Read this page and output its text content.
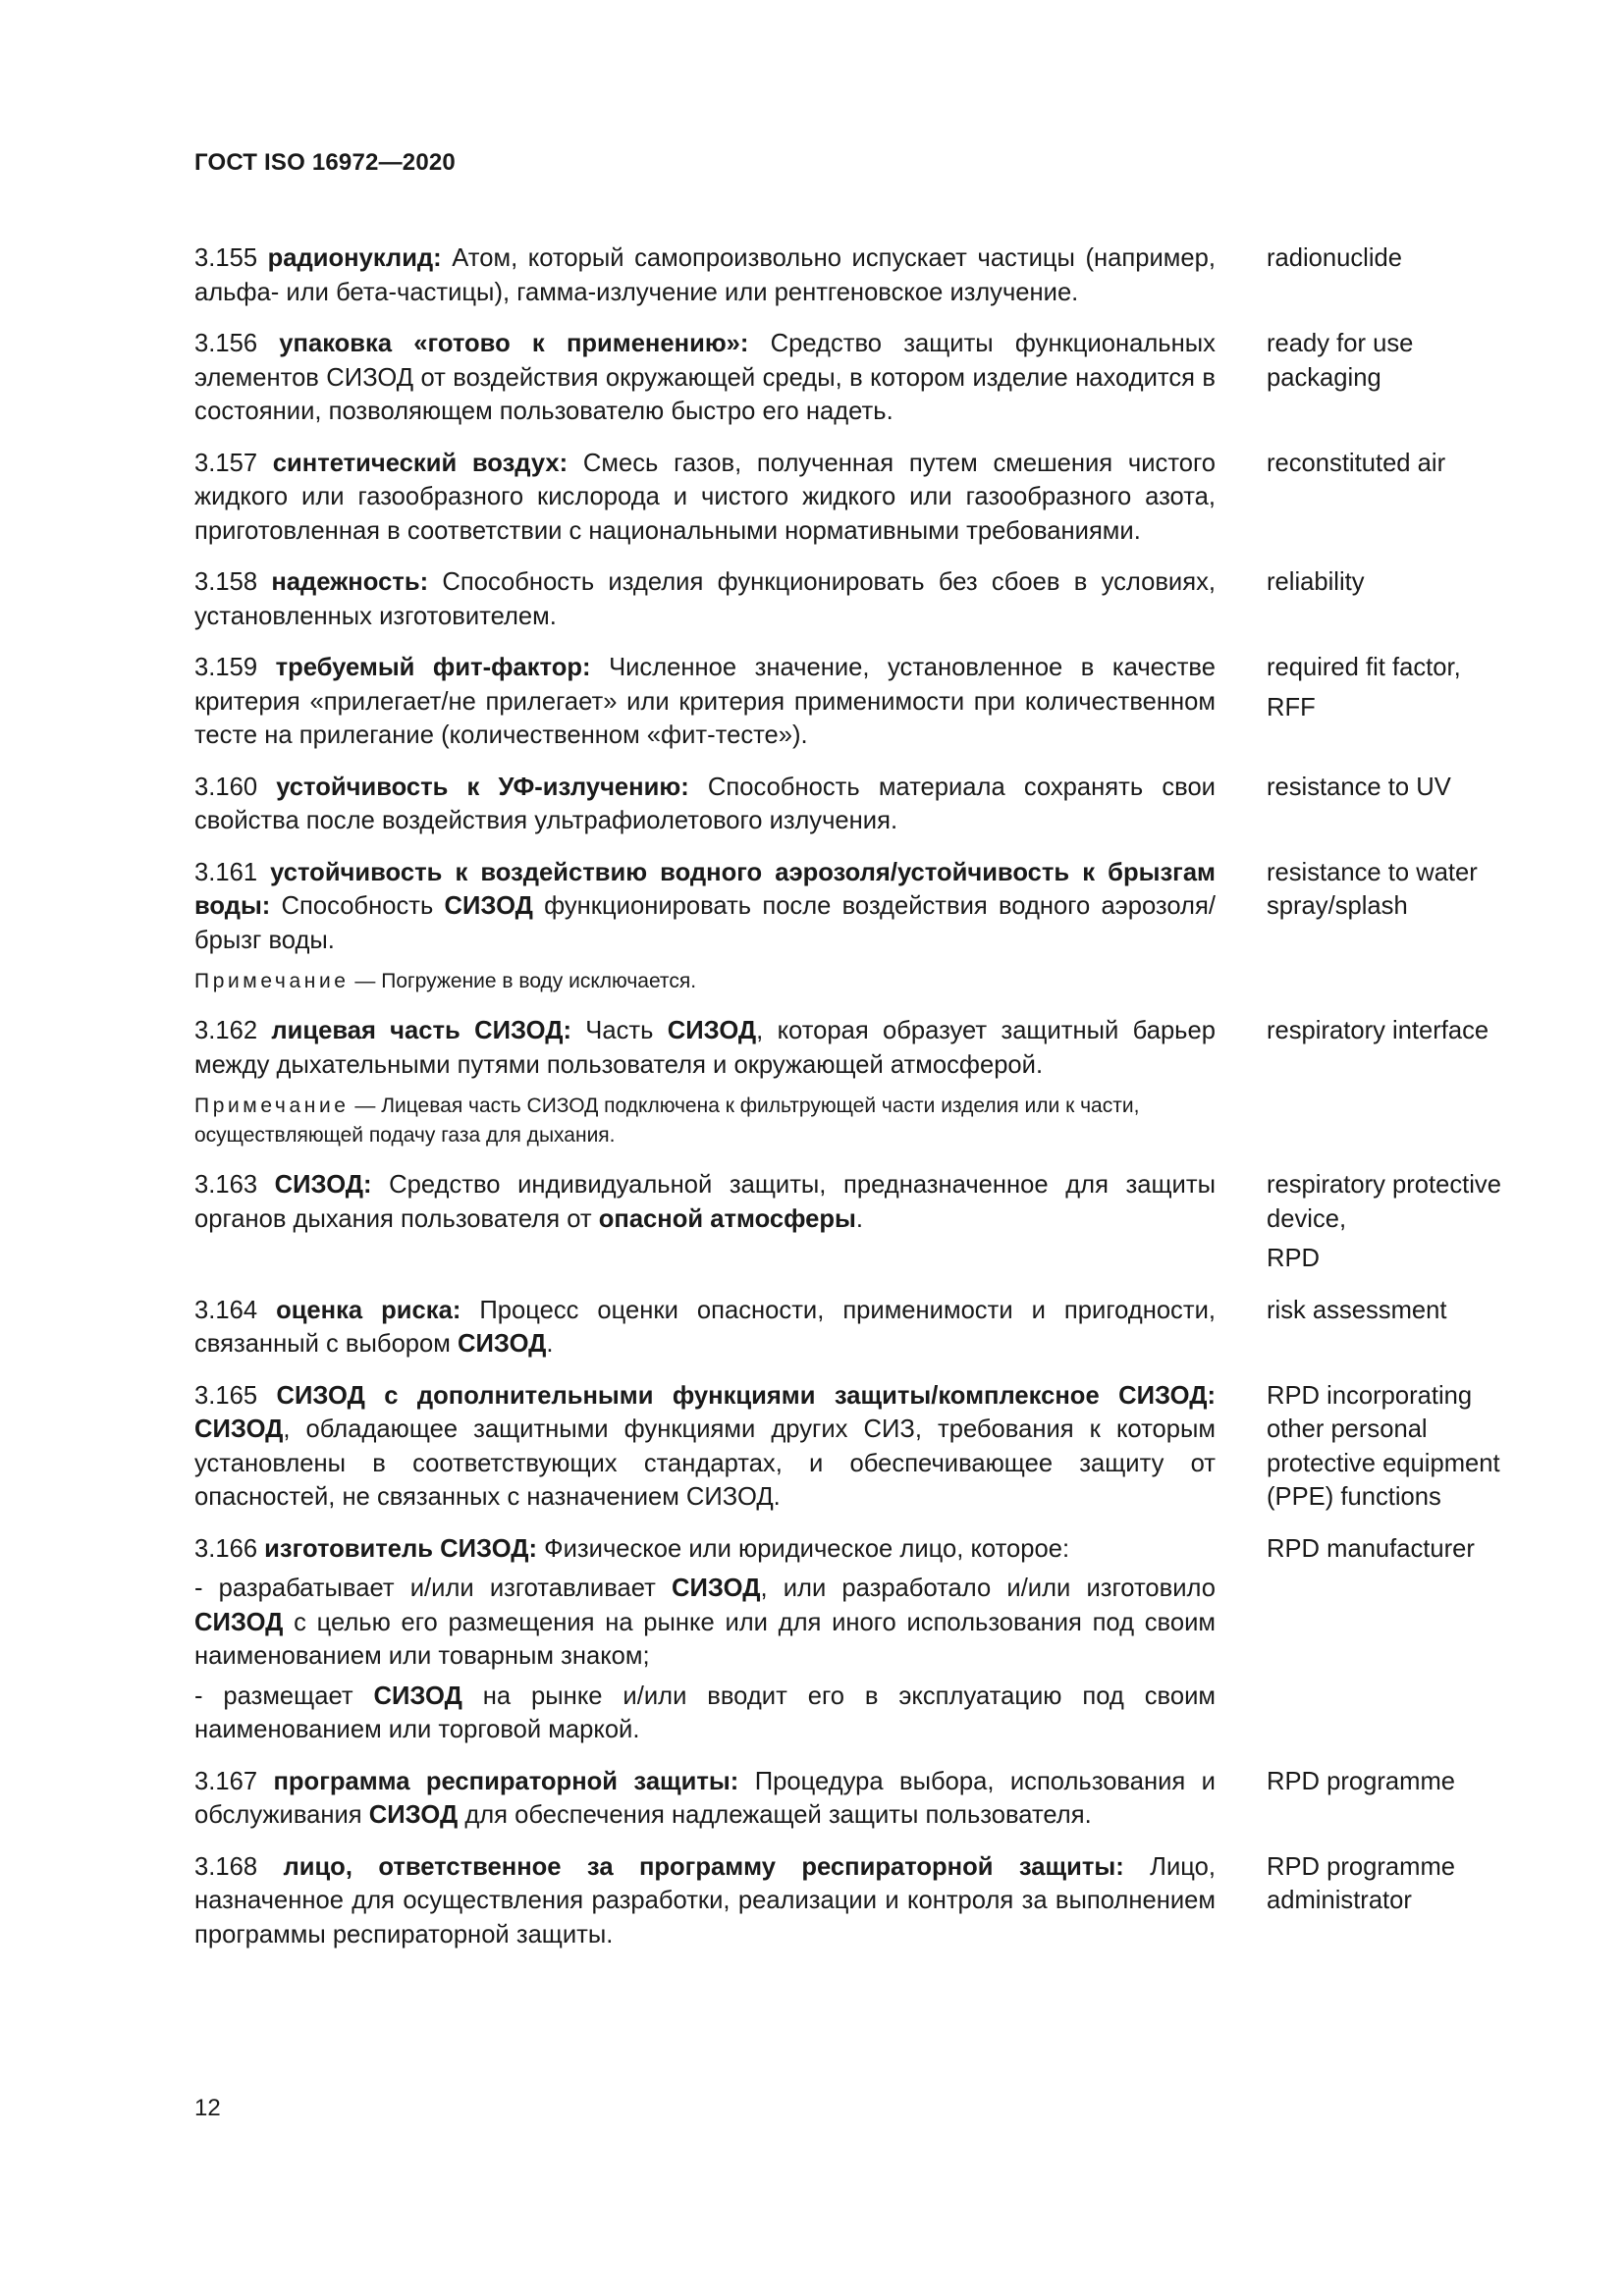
ГОСТ ISO 16972—2020

3.155 радионуклид: Атом, который самопроизвольно испускает частицы (например, альфа- или бета-частицы), гамма-излучение или рентгеновское излучение.

radionuclide

3.156 упаковка «готово к применению»: Средство защиты функциональных элементов СИЗОД от воздействия окружающей среды, в котором изделие находится в состоянии, позволяющем пользователю быстро его надеть.

ready for use packaging

3.157 синтетический воздух: Смесь газов, полученная путем смешения чистого жидкого или газообразного кислорода и чистого жидкого или газообразного азота, приготовленная в соответствии с национальными нормативными требованиями.

reconstituted air

3.158 надежность: Способность изделия функционировать без сбоев в условиях, установленных изготовителем.

reliability

3.159 требуемый фит-фактор: Численное значение, установленное в качестве критерия «прилегает/не прилегает» или критерия применимости при количественном тесте на прилегание (количественном «фит-тесте»).

required fit factor,
RFF

3.160 устойчивость к УФ-излучению: Способность материала сохранять свои свойства после воздействия ультрафиолетового излучения.

resistance to UV

3.161 устойчивость к воздействию водного аэрозоля/устойчивость к брызгам воды: Способность СИЗОД функционировать после воздействия водного аэрозоля/брызг воды.

resistance to water spray/splash
Примечание — Погружение в воду исключается.

3.162 лицевая часть СИЗОД: Часть СИЗОД, которая образует защитный барьер между дыхательными путями пользователя и окружающей атмосферой.

respiratory interface
Примечание — Лицевая часть СИЗОД подключена к фильтрующей части изделия или к части, осуществляющей подачу газа для дыхания.

3.163 СИЗОД: Средство индивидуальной защиты, предназначенное для защиты органов дыхания пользователя от опасной атмосферы.

respiratory protective device,
RPD

3.164 оценка риска: Процесс оценки опасности, применимости и пригодности, связанный с выбором СИЗОД.

risk assessment

3.165 СИЗОД с дополнительными функциями защиты/комплексное СИЗОД: СИЗОД, обладающее защитными функциями других СИЗ, требования к которым установлены в соответствующих стандартах, и обеспечивающее защиту от опасностей, не связанных с назначением СИЗОД.

RPD incorporating other personal protective equipment (PPE) functions

3.166 изготовитель СИЗОД: Физическое или юридическое лицо, которое:

- разрабатывает и/или изготавливает СИЗОД, или разработало и/или изготовило СИЗОД с целью его размещения на рынке или для иного использования под своим наименованием или товарным знаком;

- размещает СИЗОД на рынке и/или вводит его в эксплуатацию под своим наименованием или торговой маркой.

RPD manufacturer

3.167 программа респираторной защиты: Процедура выбора, использования и обслуживания СИЗОД для обеспечения надлежащей защиты пользователя.

RPD programme

3.168 лицо, ответственное за программу респираторной защиты: Лицо, назначенное для осуществления разработки, реализации и контроля за выполнением программы респираторной защиты.

RPD programme administrator
12
